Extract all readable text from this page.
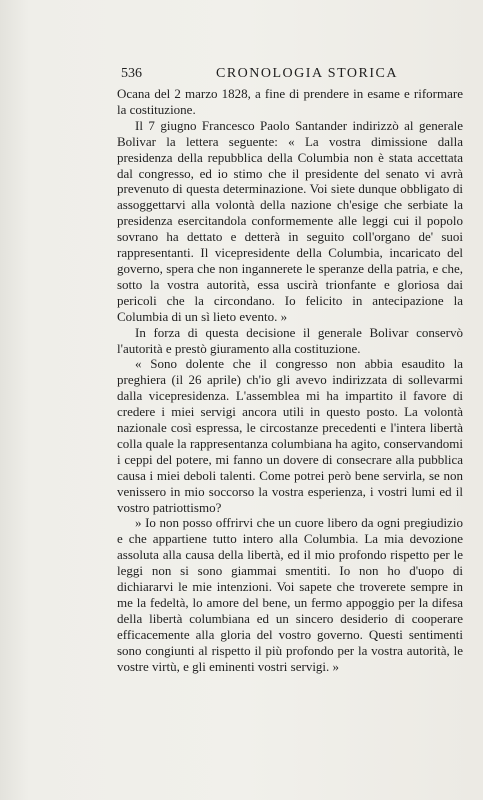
536	CRONOLOGIA STORICA

Ocana del 2 marzo 1828, a fine di prendere in esame e riformare la costituzione.

Il 7 giugno Francesco Paolo Santander indirizzò al generale Bolivar la lettera seguente: « La vostra dimissione dalla presidenza della repubblica della Columbia non è stata accettata dal congresso, ed io stimo che il presidente del senato vi avrà prevenuto di questa determinazione. Voi siete dunque obbligato di assoggettarvi alla volontà della nazione ch'esige che serbiate la presidenza esercitandola conformemente alle leggi cui il popolo sovrano ha dettato e detterà in seguito coll'organo de' suoi rappresentanti. Il vicepresidente della Columbia, incaricato del governo, spera che non ingannerete le speranze della patria, e che, sotto la vostra autorità, essa uscirà trionfante e gloriosa dai pericoli che la circondano. Io felicito in antecipazione la Columbia di un sì lieto evento. »

In forza di questa decisione il generale Bolivar conservò l'autorità e prestò giuramento alla costituzione.

« Sono dolente che il congresso non abbia esaudito la preghiera (il 26 aprile) ch'io gli avevo indirizzata di sollevarmi dalla vicepresidenza. L'assemblea mi ha impartito il favore di credere i miei servigi ancora utili in questo posto. La volontà nazionale così espressa, le circostanze precedenti e l'intera libertà colla quale la rappresentanza columbiana ha agito, conservandomi i ceppi del potere, mi fanno un dovere di consecrare alla pubblica causa i miei deboli talenti. Come potrei però bene servirla, se non venissero in mio soccorso la vostra esperienza, i vostri lumi ed il vostro patriottismo?

» Io non posso offrirvi che un cuore libero da ogni pregiudizio e che appartiene tutto intero alla Columbia. La mia devozione assoluta alla causa della libertà, ed il mio profondo rispetto per le leggi non si sono giammai smentiti. Io non ho d'uopo di dichiararvi le mie intenzioni. Voi sapete che troverete sempre in me la fedeltà, lo amore del bene, un fermo appoggio per la difesa della libertà columbiana ed un sincero desiderio di cooperare efficacemente alla gloria del vostro governo. Questi sentimenti sono congiunti al rispetto il più profondo per la vostra autorità, le vostre virtù, e gli eminenti vostri servigi. »
